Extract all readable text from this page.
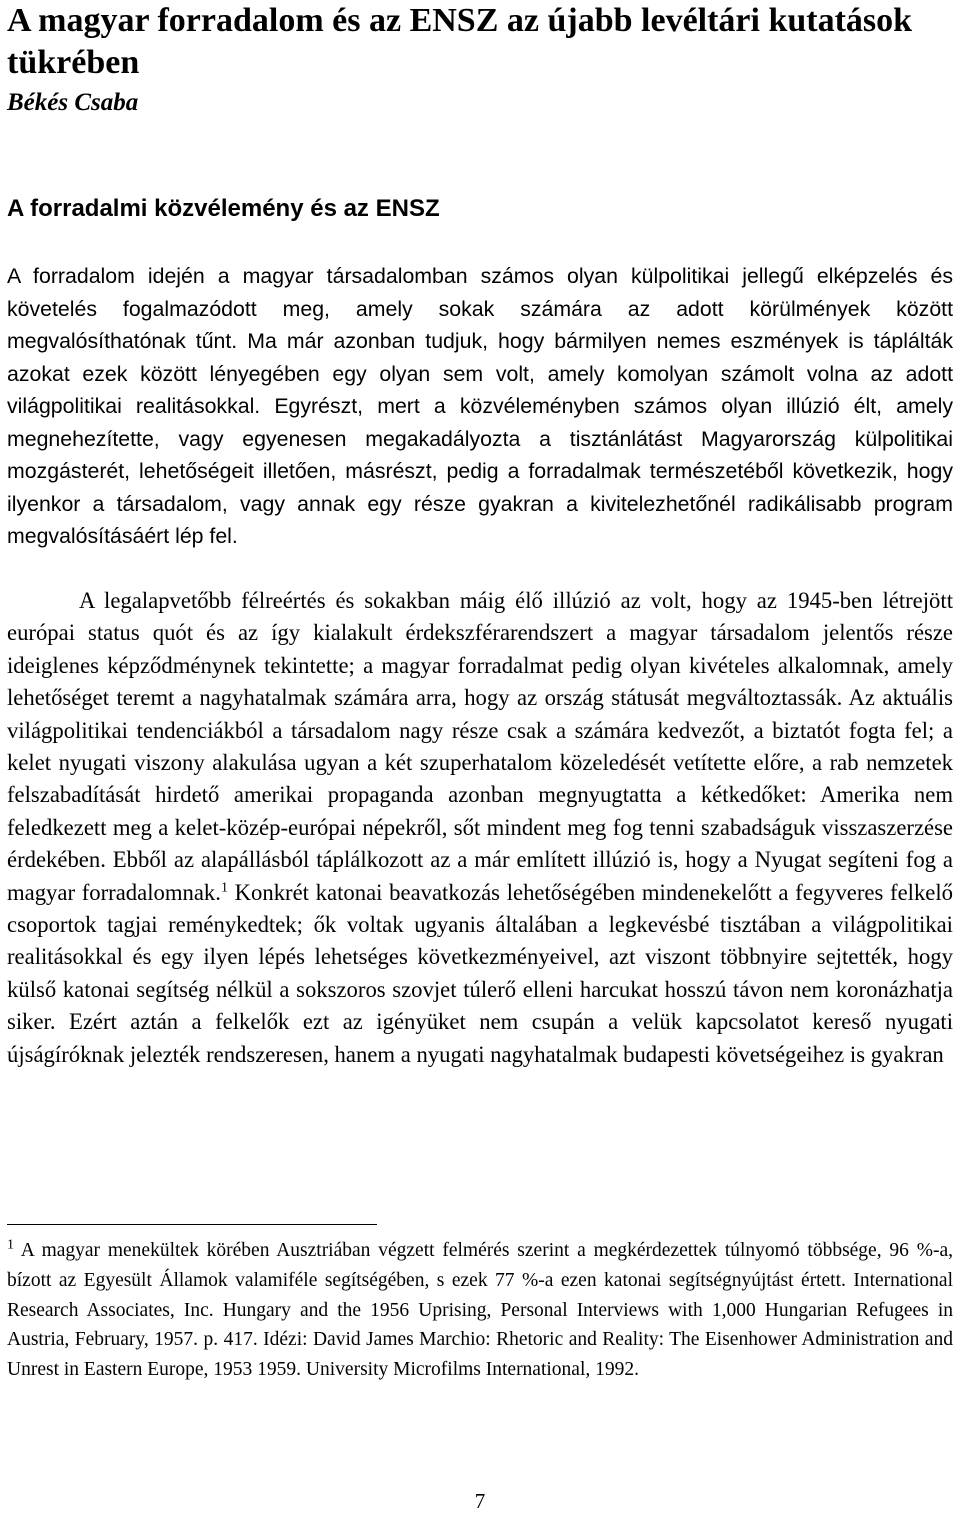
A magyar forradalom és az ENSZ az újabb levéltári kutatások tükrében
Békés Csaba
A forradalmi közvélemény és az ENSZ

A forradalom idején a magyar társadalomban számos olyan külpolitikai jellegű elképzelés és követelés fogalmazódott meg, amely sokak számára az adott körülmények között megvalósíthatónak tűnt. Ma már azonban tudjuk, hogy bármilyen nemes eszmények is táplálták azokat ezek között lényegében egy olyan sem volt, amely komolyan számolt volna az adott világpolitikai realitásokkal. Egyrészt, mert a közvéleményben számos olyan illúzió élt, amely megnehezítette, vagy egyenesen megakadályozta a tisztánlátást Magyarország külpolitikai mozgásterét, lehetőségeit illetően, másrészt, pedig a forradalmak természetéből következik, hogy ilyenkor a társadalom, vagy annak egy része gyakran a kivitelezhetőnél radikálisabb program megvalósításáért lép fel.

A legalapvetőbb félreértés és sokakban máig élő illúzió az volt, hogy az 1945-ben létrejött európai status quót és az így kialakult érdekszférarendszert a magyar társadalom jelentős része ideiglenes képződménynek tekintette; a magyar forradalmat pedig olyan kivételes alkalomnak, amely lehetőséget teremt a nagyhatalmak számára arra, hogy az ország státusát megváltoztassák. Az aktuális világpolitikai tendenciákból a társadalom nagy része csak a számára kedvezőt, a biztatót fogta fel; a kelet nyugati viszony alakulása ugyan a két szuperhatalom közeledését vetítette előre, a rab nemzetek felszabadítását hirdető amerikai propaganda azonban megnyugtatta a kétkedőket: Amerika nem feledkezett meg a kelet-közép-európai népekről, sőt mindent meg fog tenni szabadságuk visszaszerzése érdekében. Ebből az alapállásból táplálkozott az a már említett illúzió is, hogy a Nyugat segíteni fog a magyar forradalomnak.$^1$ Konkrét katonai beavatkozás lehetőségében mindenekelőtt a fegyveres felkelő csoportok tagjai reménykedtek; ők voltak ugyanis általában a legkevésbé tisztában a világpolitikai realitásokkal és egy ilyen lépés lehetséges következményeivel, azt viszont többnyire sejtették, hogy külső katonai segítség nélkül a sokszoros szovjet túlerő elleni harcukat hosszú távon nem koronázhatja siker. Ezért aztán a felkelők ezt az igényüket nem csupán a velük kapcsolatot kereső nyugati újságíróknak jelezték rendszeresen, hanem a nyugati nagyhatalmak budapesti követségeihez is gyakran

$^1$ A magyar menekültek körében Ausztriában végzett felmérés szerint a megkérdezettek túlnyomó többsége, 96 %-a, bízott az Egyesült Államok valamiféle segítségében, s ezek 77 %-a ezen katonai segítségnyújtást értett. International Research Associates, Inc. Hungary and the 1956 Uprising, Personal Interviews with 1,000 Hungarian Refugees in Austria, February, 1957. p. 417. Idézi: David James Marchio: Rhetoric and Reality: The Eisenhower Administration and Unrest in Eastern Europe, 1953 1959. University Microfilms International, 1992.

7
